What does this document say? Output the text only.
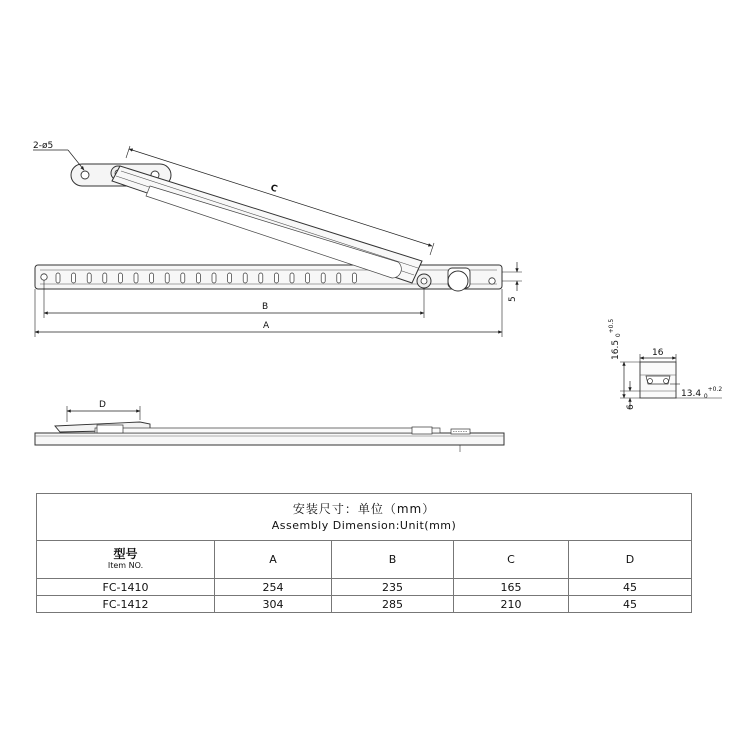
2-ø5
C
B
A
5
D
16
16.5 $_0$ +0.5
6
13.4 $_0$ +0.2
安装尺寸：单位（mm）
Assembly Dimension:Unit(mm)				

型号
Item NO.	A	B	C	D
FC-1410	254	235	165	45
FC-1412	304	285	210	45
